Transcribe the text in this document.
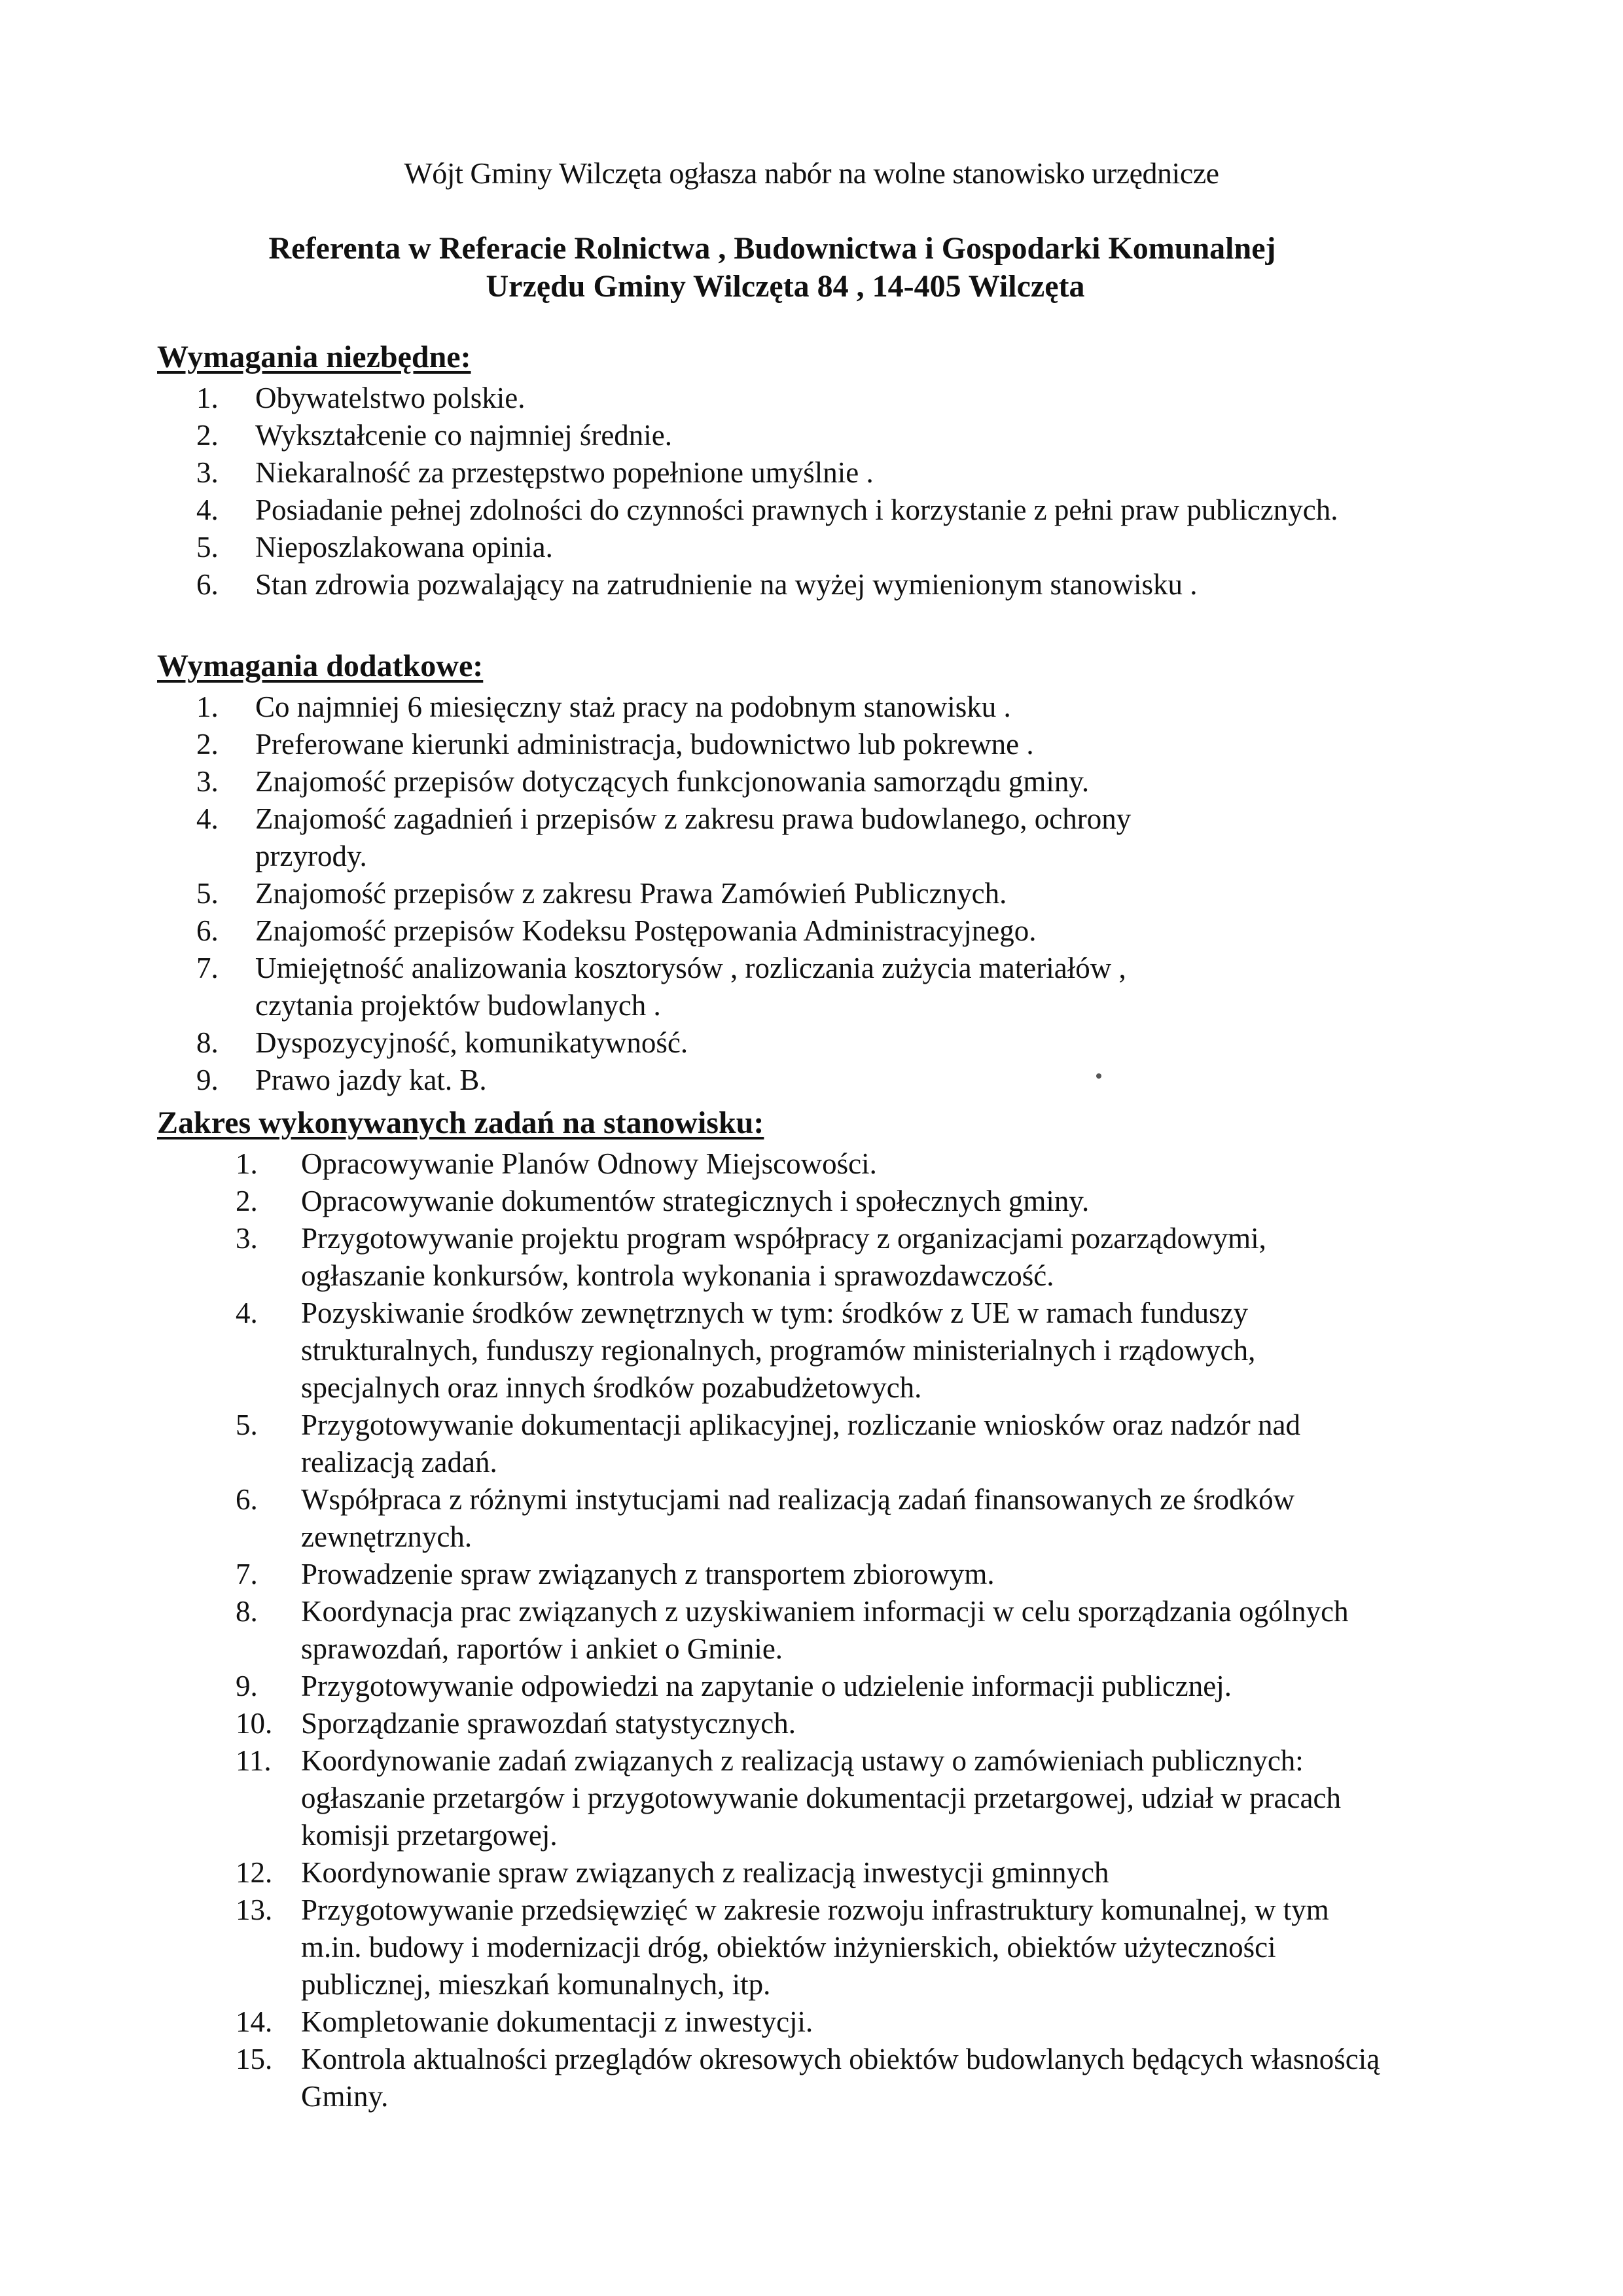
Wójt Gminy Wilczęta ogłasza nabór na wolne stanowisko urzędnicze
Referenta w Referacie Rolnictwa , Budownictwa i Gospodarki Komunalnej
Urzędu Gminy Wilczęta 84 , 14-405 Wilczęta
Wymagania niezbędne:
1.	Obywatelstwo polskie.
2.	Wykształcenie co najmniej średnie.
3.	Niekaralność za przestępstwo popełnione umyślnie .
4.	Posiadanie pełnej zdolności do czynności prawnych i korzystanie z pełni praw publicznych.
5.	Nieposzlakowana opinia.
6.	Stan zdrowia pozwalający na zatrudnienie na wyżej wymienionym stanowisku .
Wymagania dodatkowe:
1.	Co najmniej 6 miesięczny staż pracy na podobnym stanowisku .
2.	Preferowane kierunki administracja, budownictwo lub pokrewne .
3.	Znajomość przepisów dotyczących funkcjonowania samorządu gminy.
4.	Znajomość zagadnień i przepisów z zakresu prawa budowlanego, ochrony przyrody.
5.	Znajomość przepisów z zakresu Prawa Zamówień Publicznych.
6.	Znajomość przepisów Kodeksu Postępowania Administracyjnego.
7.	Umiejętność analizowania kosztorysów , rozliczania zużycia materiałów , czytania projektów budowlanych .
8.	Dyspozycyjność, komunikatywność.
9.	Prawo jazdy kat. B.
Zakres wykonywanych zadań na stanowisku:
1.	Opracowywanie Planów Odnowy Miejscowości.
2.	Opracowywanie dokumentów strategicznych i społecznych gminy.
3.	Przygotowywanie projektu program współpracy z organizacjami pozarządowymi, ogłaszanie konkursów, kontrola wykonania i sprawozdawczość.
4.	Pozyskiwanie środków zewnętrznych w tym: środków z UE w ramach funduszy strukturalnych, funduszy regionalnych, programów ministerialnych i rządowych, specjalnych oraz innych środków pozabudżetowych.
5.	Przygotowywanie dokumentacji aplikacyjnej, rozliczanie wniosków oraz nadzór nad realizacją zadań.
6.	Współpraca z różnymi instytucjami nad realizacją zadań finansowanych ze środków zewnętrznych.
7.	Prowadzenie spraw związanych z transportem zbiorowym.
8.	Koordynacja prac związanych z uzyskiwaniem informacji w celu sporządzania ogólnych sprawozdań, raportów i ankiet o Gminie.
9.	Przygotowywanie odpowiedzi na zapytanie o udzielenie informacji publicznej.
10. Sporządzanie sprawozdań statystycznych.
11.	Koordynowanie zadań związanych z realizacją ustawy o zamówieniach publicznych: ogłaszanie przetargów i przygotowywanie dokumentacji przetargowej, udział w pracach komisji przetargowej.
12. Koordynowanie spraw związanych z realizacją inwestycji gminnych
13. Przygotowywanie przedsięwzięć w zakresie rozwoju infrastruktury komunalnej, w tym m.in. budowy i modernizacji dróg, obiektów inżynierskich, obiektów użyteczności publicznej, mieszkań komunalnych, itp.
14. Kompletowanie dokumentacji z inwestycji.
15. Kontrola aktualności przeglądów okresowych obiektów budowlanych będących własnością Gminy.
